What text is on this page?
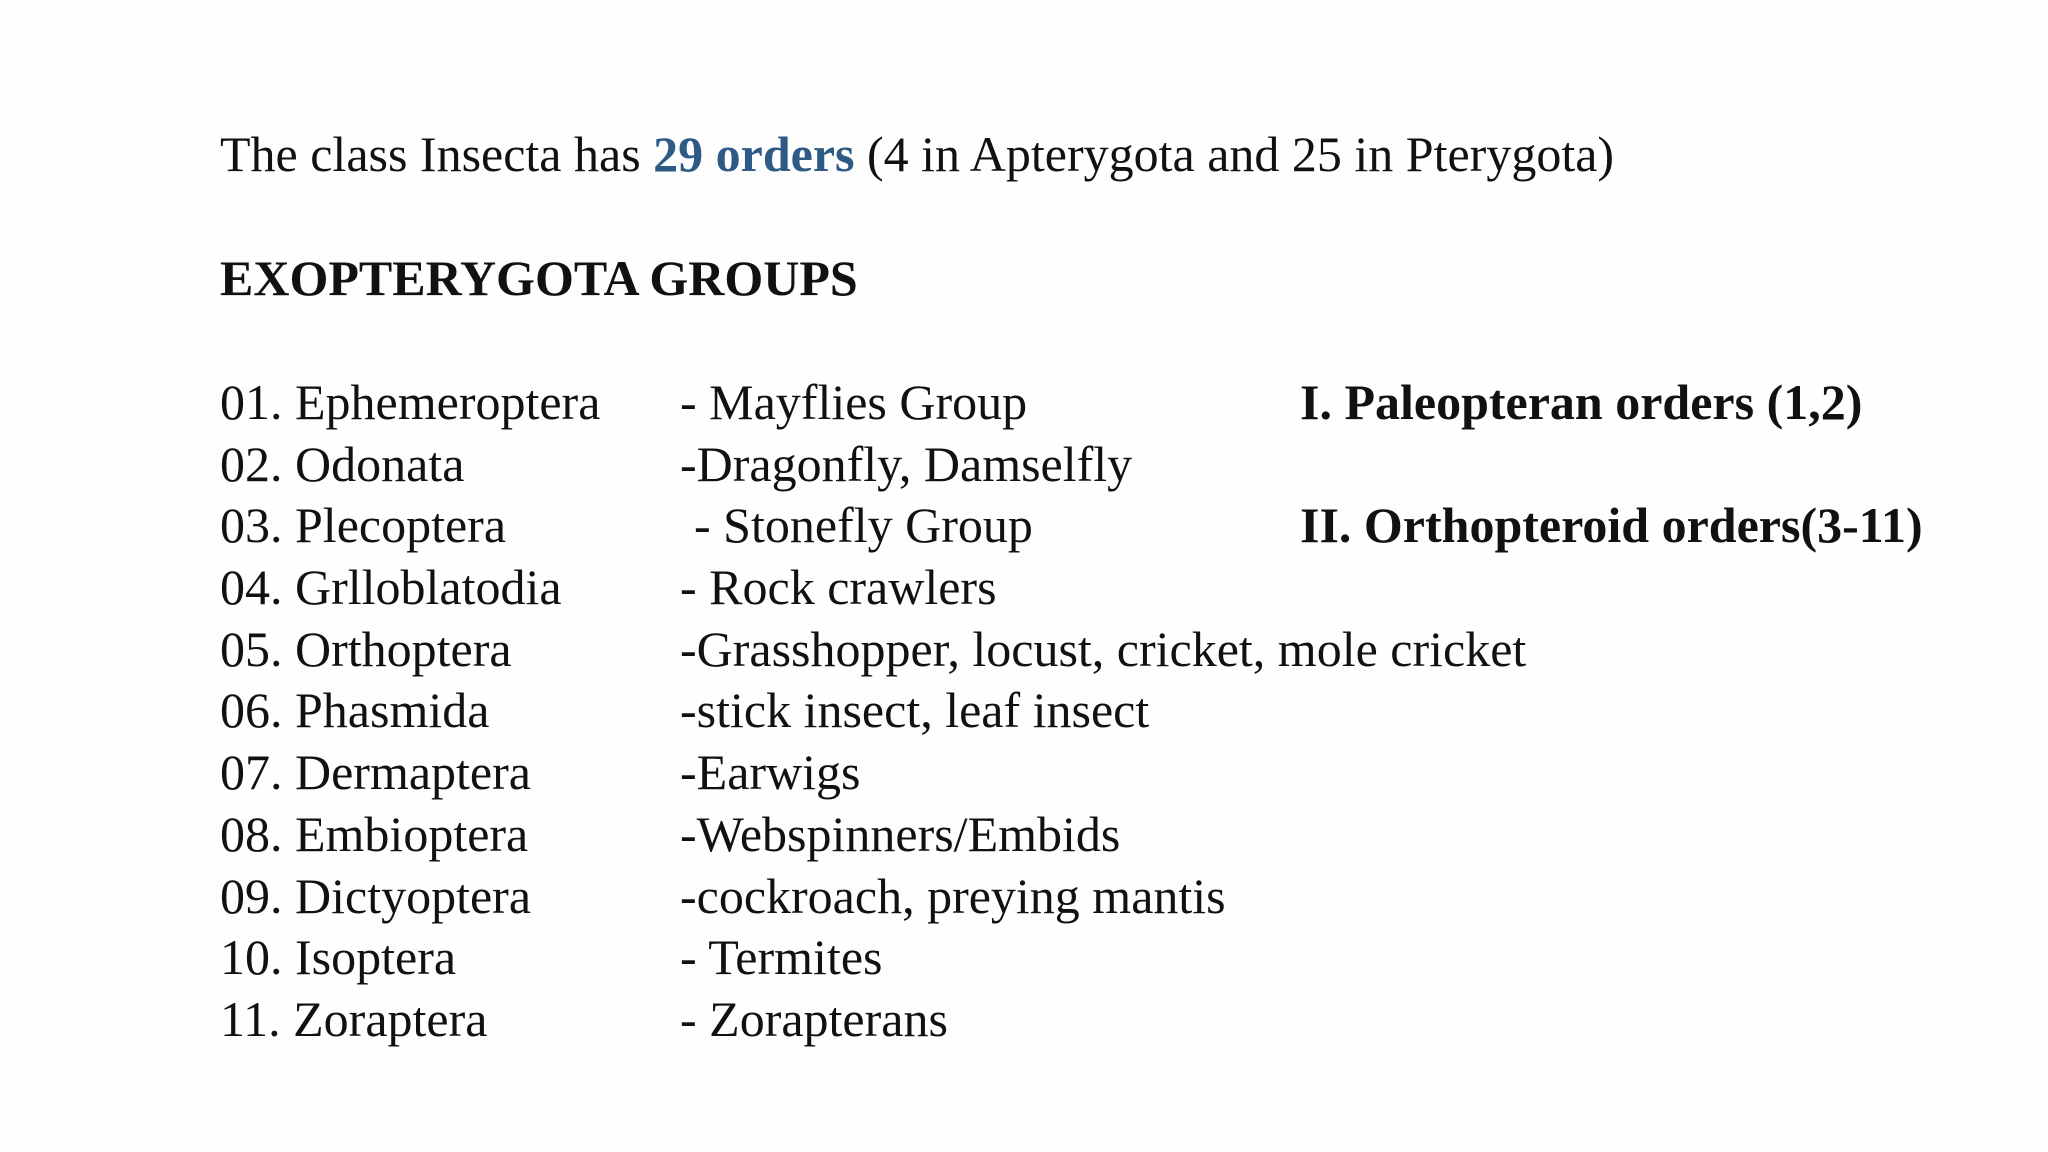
The class Insecta has 29 orders (4 in Apterygota and 25 in Pterygota)
EXOPTERYGOTA GROUPS
01. Ephemeroptera - Mayflies Group
02. Odonata	-Dragonfly, Damselfly
03. Plecoptera	- Stonefly Group
04. Grlloblatodia - Rock crawlers
05. Orthoptera	-Grasshopper, locust, cricket, mole cricket
06. Phasmida	-stick insect, leaf insect
07. Dermaptera	-Earwigs
08. Embioptera	-Webspinners/Embids
09. Dictyoptera	-cockroach, preying mantis
10. Isoptera	- Termites
11. Zoraptera	- Zorapterans
I. Paleopteran orders (1,2)
II. Orthopteroid orders(3-11)
